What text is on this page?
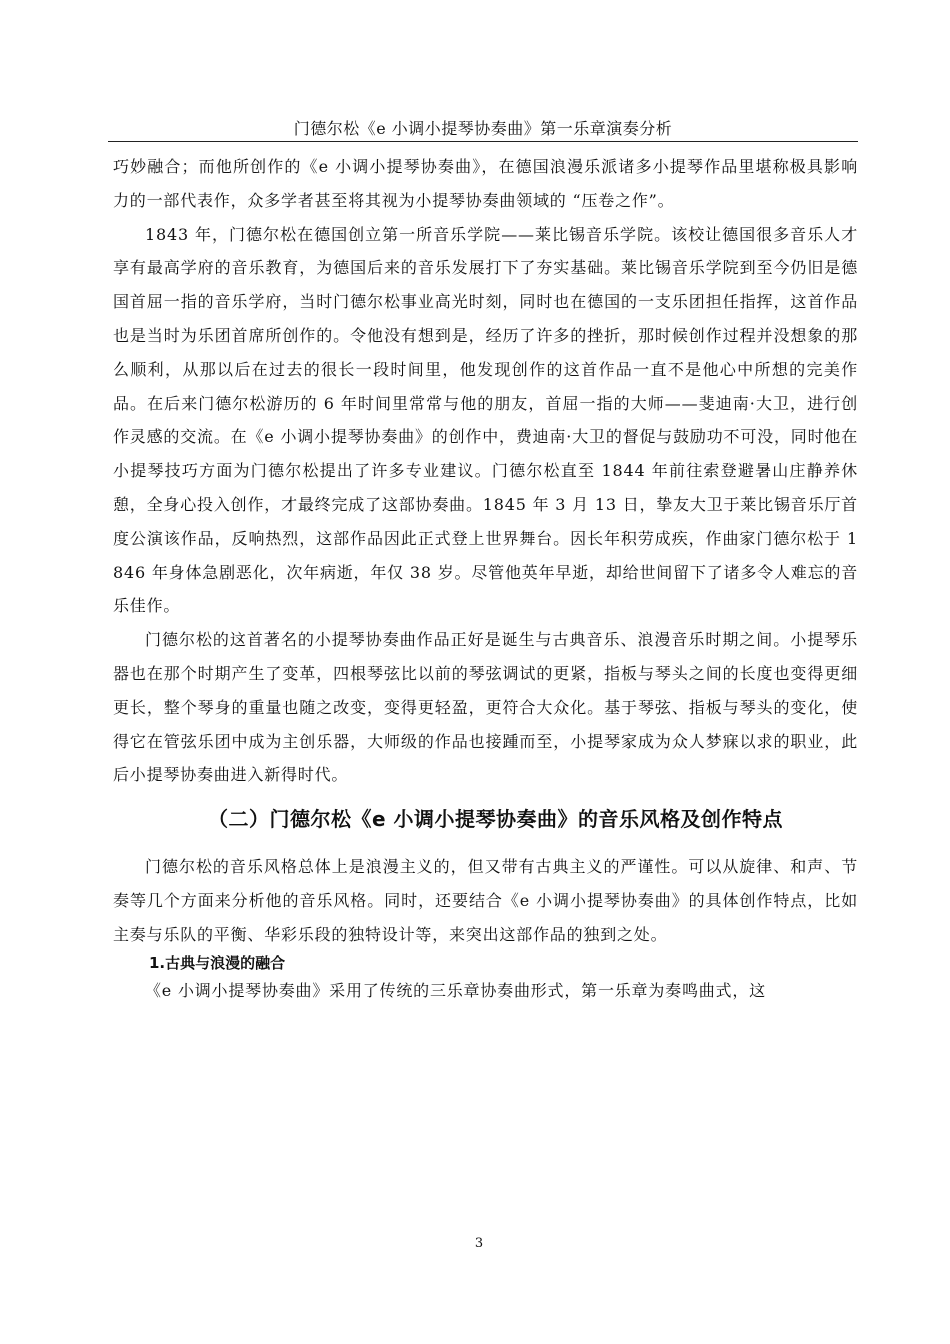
门德尔松《e 小调小提琴协奏曲》第一乐章演奏分析

巧妙融合；而他所创作的《e 小调小提琴协奏曲》，在德国浪漫乐派诸多小提琴作品里堪称极具影响力的一部代表作，众多学者甚至将其视为小提琴协奏曲领域的 “压卷之作”。

1843 年，门德尔松在德国创立第一所音乐学院——莱比锡音乐学院。该校让德国很多音乐人才享有最高学府的音乐教育，为德国后来的音乐发展打下了夯实基础。莱比锡音乐学院到至今仍旧是德国首屈一指的音乐学府，当时门德尔松事业高光时刻，同时也在德国的一支乐团担任指挥，这首作品也是当时为乐团首席所创作的。令他没有想到是，经历了许多的挫折，那时候创作过程并没想象的那么顺利，从那以后在过去的很长一段时间里，他发现创作的这首作品一直不是他心中所想的完美作品。在后来门德尔松游历的 6 年时间里常常与他的朋友，首屈一指的大师——斐迪南·大卫，进行创作灵感的交流。在《e 小调小提琴协奏曲》的创作中，费迪南·大卫的督促与鼓励功不可没，同时他在小提琴技巧方面为门德尔松提出了许多专业建议。门德尔松直至 1844 年前往索登避暑山庄静养休憩，全身心投入创作，才最终完成了这部协奏曲。1845 年 3 月 13 日，挚友大卫于莱比锡音乐厅首度公演该作品，反响热烈，这部作品因此正式登上世界舞台。因长年积劳成疾，作曲家门德尔松于 1846 年身体急剧恶化，次年病逝，年仅 38 岁。尽管他英年早逝，却给世间留下了诸多令人难忘的音乐佳作。

门德尔松的这首著名的小提琴协奏曲作品正好是诞生与古典音乐、浪漫音乐时期之间。小提琴乐器也在那个时期产生了变革，四根琴弦比以前的琴弦调试的更紧，指板与琴头之间的长度也变得更细更长，整个琴身的重量也随之改变，变得更轻盈，更符合大众化。基于琴弦、指板与琴头的变化，使得它在管弦乐团中成为主创乐器，大师级的作品也接踵而至，小提琴家成为众人梦寐以求的职业，此后小提琴协奏曲进入新得时代。

（二）门德尔松《e 小调小提琴协奏曲》的音乐风格及创作特点

门德尔松的音乐风格总体上是浪漫主义的，但又带有古典主义的严谨性。可以从旋律、和声、节奏等几个方面来分析他的音乐风格。同时，还要结合《e 小调小提琴协奏曲》的具体创作特点，比如主奏与乐队的平衡、华彩乐段的独特设计等，来突出这部作品的独到之处。

1.古典与浪漫的融合

《e 小调小提琴协奏曲》采用了传统的三乐章协奏曲形式，第一乐章为奏鸣曲式，这

3
